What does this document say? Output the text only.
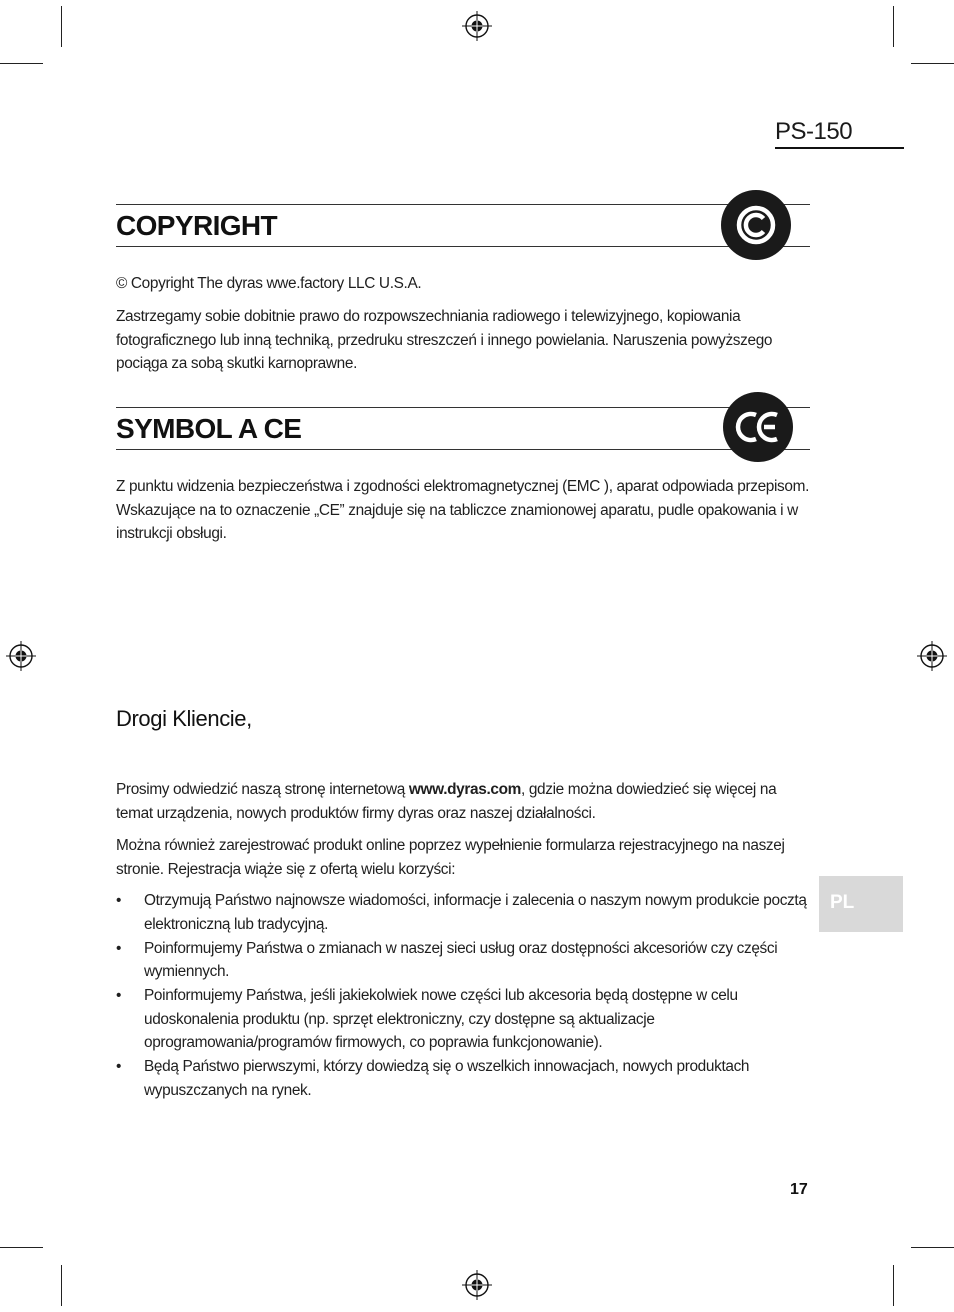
PS-150
COPYRIGHT
© Copyright The dyras wwe.factory LLC U.S.A.
Zastrzegamy sobie dobitnie prawo do rozpowszechniania radiowego i telewizyjnego, kopiowania fotograficznego lub inną techniką, przedruku streszczeń i innego powielania. Naruszenia powyższego pociąga za sobą skutki karnoprawne.
SYMBOL A CE
Z punktu widzenia bezpieczeństwa i zgodności elektromagnetycznej (EMC ), aparat odpowiada przepisom. Wskazujące na to oznaczenie „CE” znajduje się na tabliczce znamionowej aparatu, pudle opakowania i w instrukcji obsługi.
Drogi Kliencie,
Prosimy odwiedzić naszą stronę internetową www.dyras.com, gdzie można dowiedzieć się więcej na temat urządzenia, nowych produktów firmy dyras oraz naszej działalności.
Można również zarejestrować produkt online poprzez wypełnienie formularza rejestracyjnego na naszej stronie. Rejestracja wiąże się z ofertą wielu korzyści:
• Otrzymują Państwo najnowsze wiadomości, informacje i zalecenia o naszym nowym produkcie pocztą elektroniczną lub tradycyjną.
• Poinformujemy Państwa o zmianach w naszej sieci usług oraz dostępności akcesoriów czy części wymiennych.
• Poinformujemy Państwa, jeśli jakiekolwiek nowe części lub akcesoria będą dostępne w celu udoskonalenia produktu (np. sprzęt elektroniczny, czy dostępne są aktualizacje oprogramowania/programów firmowych, co poprawia funkcjonowanie).
• Będą Państwo pierwszymi, którzy dowiedzą się o wszelkich innowacjach, nowych produktach wypuszczanych na rynek.
PL
17
